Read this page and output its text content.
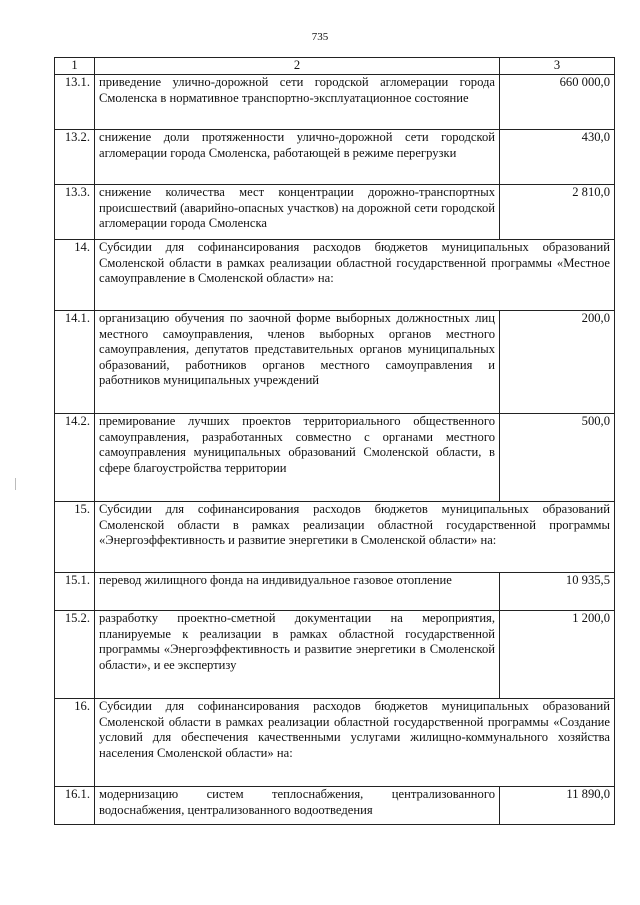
735
1	2	3
13.1.	приведение улично-дорожной сети городской агломерации города Смоленска в нормативное транспортно-эксплуатационное состояние	660 000,0
13.2.	снижение доли протяженности улично-дорожной сети городской агломерации города Смоленска, работающей в режиме перегрузки	430,0
13.3.	снижение количества мест концентрации дорожно-транспортных происшествий (аварийно-опасных участков) на дорожной сети городской агломерации города Смоленска	2 810,0
14.	Субсидии для софинансирования расходов бюджетов муниципальных образований Смоленской области в рамках реализации областной государственной программы «Местное самоуправление в Смоленской области» на:	
14.1.	организацию обучения по заочной форме выборных должностных лиц местного самоуправления, членов выборных органов местного самоуправления, депутатов представительных органов муниципальных образований, работников органов местного самоуправления и работников муниципальных учреждений	200,0
14.2.	премирование лучших проектов территориального общественного самоуправления, разработанных совместно с органами местного самоуправления муниципальных образований Смоленской области, в сфере благоустройства территории	500,0
15.	Субсидии для софинансирования расходов бюджетов муниципальных образований Смоленской области в рамках реализации областной государственной программы «Энергоэффективность и развитие энергетики в Смоленской области» на:	
15.1.	перевод жилищного фонда на индивидуальное газовое отопление	10 935,5
15.2.	разработку проектно-сметной документации на мероприятия, планируемые к реализации в рамках областной государственной программы «Энергоэффективность и развитие энергетики в Смоленской области», и ее экспертизу	1 200,0
16.	Субсидии для софинансирования расходов бюджетов муниципальных образований Смоленской области в рамках реализации областной государственной программы «Создание условий для обеспечения качественными услугами жилищно-коммунального хозяйства населения Смоленской области» на:	
16.1.	модернизацию систем теплоснабжения, централизованного водоснабжения, централизованного водоотведения	11 890,0
